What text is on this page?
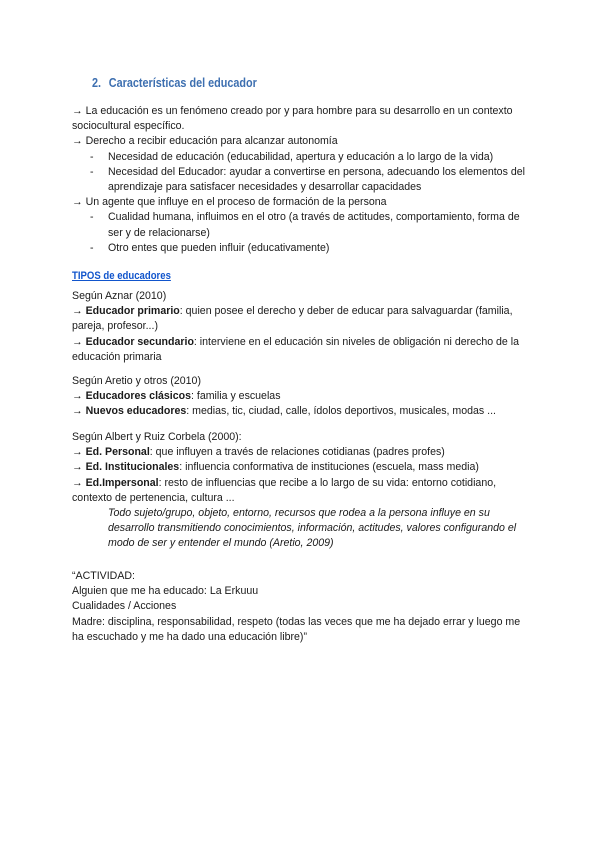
2. Características del educador
→ La educación es un fenómeno creado por y para hombre para su desarrollo en un contexto sociocultural específico.
→ Derecho a recibir educación para alcanzar autonomía
- Necesidad de educación (educabilidad, apertura y educación a lo largo de la vida)
- Necesidad del Educador: ayudar a convertirse en persona, adecuando los elementos del aprendizaje para satisfacer necesidades y desarrollar capacidades
→ Un agente que influye en el proceso de formación de la persona
- Cualidad humana, influimos en el otro (a través de actitudes, comportamiento, forma de ser y de relacionarse)
- Otro entes que pueden influir (educativamente)
TIPOS de educadores
Según Aznar (2010)
→ Educador primario: quien posee el derecho y deber de educar para salvaguardar (familia, pareja, profesor...)
→ Educador secundario: interviene en el educación sin niveles de obligación ni derecho de la educación primaria
Según Aretio y otros (2010)
→ Educadores clásicos: familia y escuelas
→ Nuevos educadores: medias, tic, ciudad, calle, ídolos deportivos, musicales, modas ...
Según Albert y Ruiz Corbela (2000):
→ Ed. Personal: que influyen a través de relaciones cotidianas (padres profes)
→ Ed. Institucionales: influencia conformativa de instituciones (escuela, mass media)
→ Ed.Impersonal: resto de influencias que recibe a lo largo de su vida: entorno cotidiano, contexto de pertenencia, cultura ...
Todo sujeto/grupo, objeto, entorno, recursos que rodea a la persona influye en su desarrollo transmitiendo conocimientos, información, actitudes, valores configurando el modo de ser y entender el mundo (Aretio, 2009)
“ACTIVIDAD:
Alguien que me ha educado: La Erkuuu
Cualidades / Acciones
Madre: disciplina, responsabilidad, respeto (todas las veces que me ha dejado errar y luego me ha escuchado y me ha dado una educación libre)”
